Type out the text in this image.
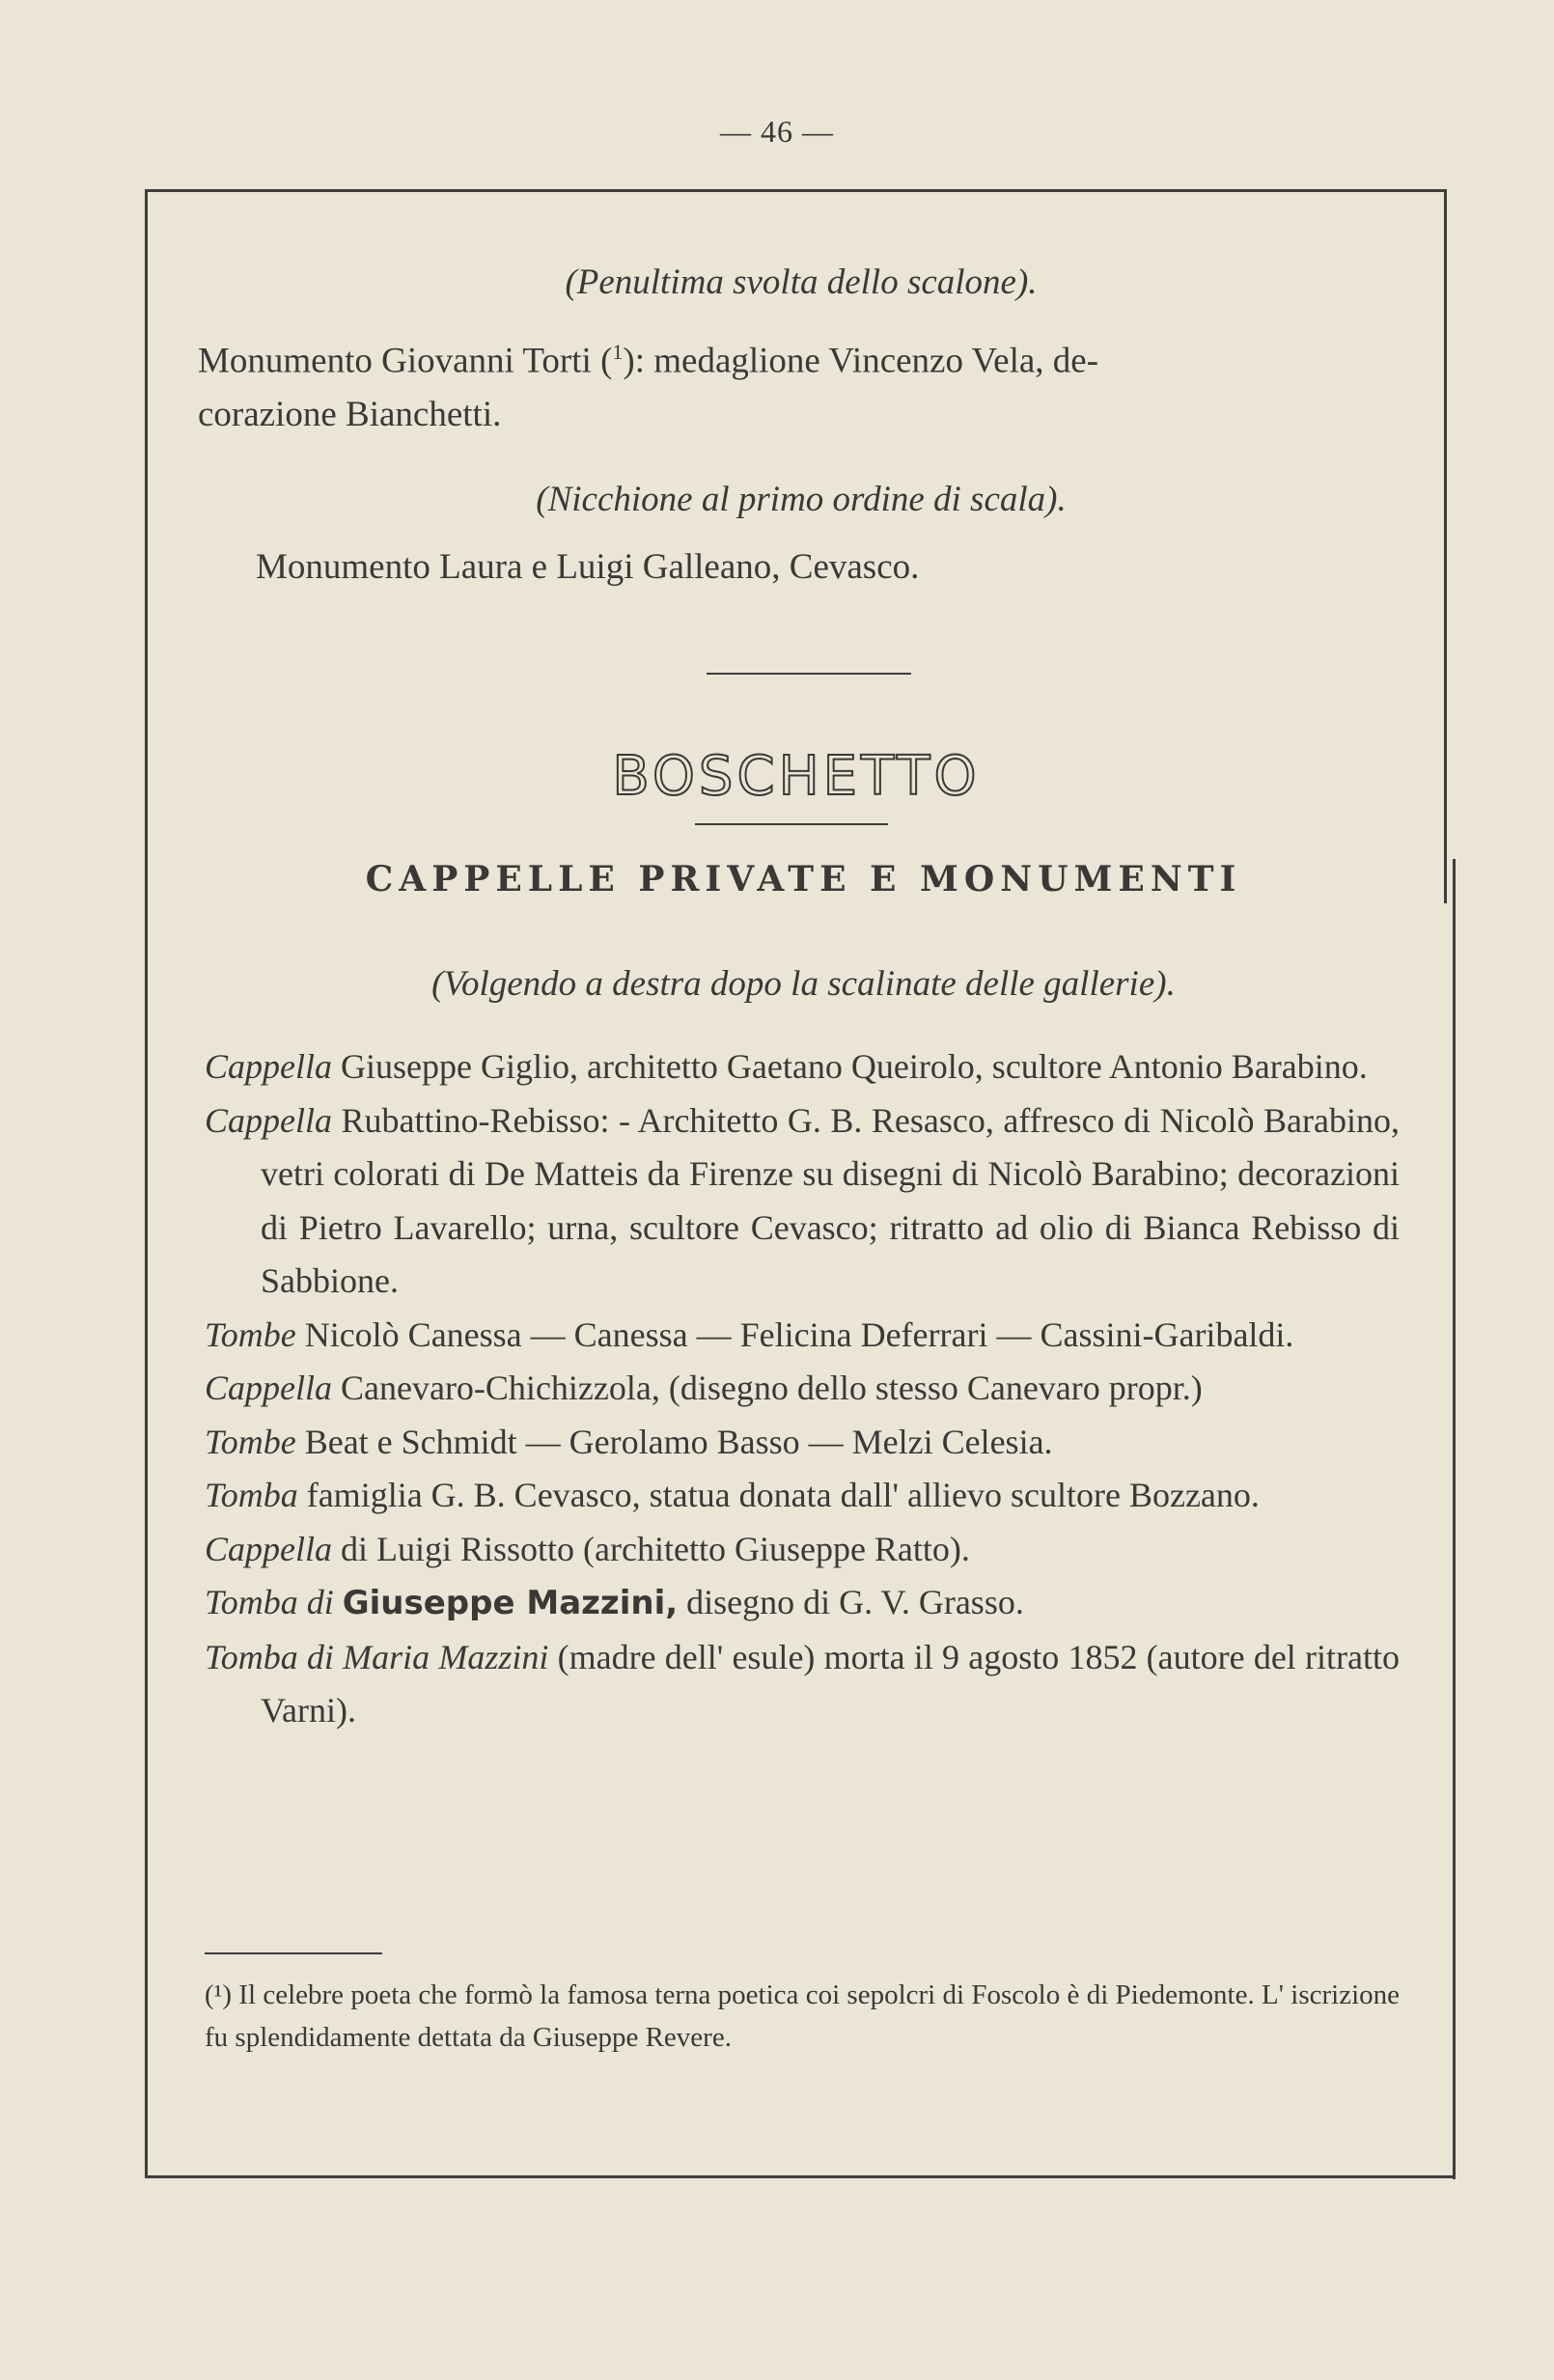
— 46 —

(Penultima svolta dello scalone).

Monumento Giovanni Torti ($^1$): medaglione Vincenzo Vela, de-

corazione Bianchetti.

(Nicchione al primo ordine di scala).

Monumento Laura e Luigi Galleano, Cevasco.

BOSCHETTO
CAPPELLE PRIVATE E MONUMENTI

(Volgendo a destra dopo la scalinate delle gallerie).

Cappella Giuseppe Giglio, architetto Gaetano Queirolo, scultore Antonio Barabino.

Cappella Rubattino-Rebisso: - Architetto G. B. Resasco, affresco di Nicolò Barabino, vetri colorati di De Matteis da Firenze su disegni di Nicolò Barabino; decorazioni di Pietro Lavarello; urna, scultore Cevasco; ritratto ad olio di Bianca Rebisso di Sabbione.

Tombe Nicolò Canessa — Canessa — Felicina Deferrari — Cassini-Garibaldi.

Cappella Canevaro-Chichizzola, (disegno dello stesso Canevaro propr.)

Tombe Beat e Schmidt — Gerolamo Basso — Melzi Celesia.

Tomba famiglia G. B. Cevasco, statua donata dall' allievo scultore Bozzano.

Cappella di Luigi Rissotto (architetto Giuseppe Ratto).

Tomba di Giuseppe Mazzini, disegno di G. V. Grasso.

Tomba di Maria Mazzini (madre dell' esule) morta il 9 agosto 1852 (autore del ritratto Varni).

(¹) Il celebre poeta che formò la famosa terna poetica coi sepolcri di Foscolo è di Piedemonte. L' iscrizione fu splendidamente dettata da Giuseppe Revere.
